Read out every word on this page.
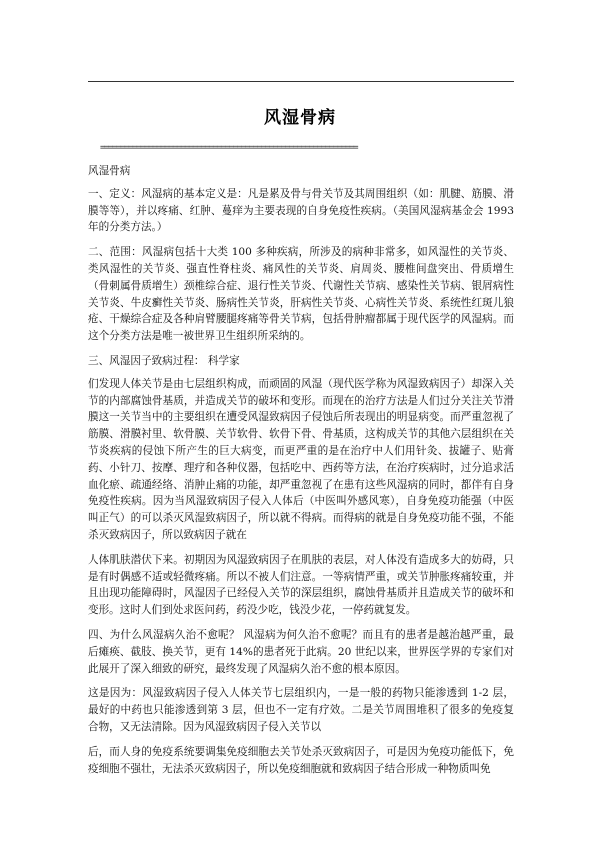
风湿骨病
================================================================

风湿骨病

一、定义：风湿病的基本定义是：凡是累及骨与骨关节及其周围组织（如：肌腱、筋膜、滑膜等等），并以疼痛、红肿、蔓痒为主要表现的自身免疫性疾病。（美国风湿病基金会 1993 年的分类方法。）

二、范围：风湿病包括十大类 100 多种疾病，所涉及的病种非常多，如风湿性的关节炎、类风湿性的关节炎、强直性脊柱炎、痛风性的关节炎、肩周炎、腰椎间盘突出、骨质增生（骨刺属骨质增生）颈椎综合症、退行性关节炎、代谢性关节病、感染性关节病、银屑病性关节炎、牛皮癣性关节炎、肠病性关节炎，肝病性关节炎、心病性关节炎、系统性红斑儿狼疮、干燥综合症及各种肩臂腰腿疼痛等骨关节病，包括骨肿瘤都属于现代医学的风湿病。而这个分类方法是唯一被世界卫生组织所采纳的。

三、风湿因子致病过程： 科学家

们发现人体关节是由七层组织构成，而顽固的风湿（现代医学称为风湿致病因子）却深入关节的内部腐蚀骨基质，并造成关节的破坏和变形。而现在的治疗方法是人们过分关注关节滑膜这一关节当中的主要组织在遭受风湿致病因子侵蚀后所表现出的明显病变。而严重忽视了筋膜、滑膜衬里、软骨膜、关节软骨、软骨下骨、骨基质，这构成关节的其他六层组织在关节炎疾病的侵蚀下所产生的巨大病变，而更严重的是在治疗中人们用针灸、拔罐子、贴膏药、小针刀、按摩、理疗和各种仪器，包括吃中、西药等方法，在治疗疾病时，过分追求活血化瘀、疏通经络、消肿止痛的功能，却严重忽视了在患有这些风湿病的同时，都伴有自身免疫性疾病。因为当风湿致病因子侵入人体后（中医叫外感风寒），自身免疫功能强（中医叫正气）的可以杀灭风湿致病因子，所以就不得病。而得病的就是自身免疫功能不强，不能杀灭致病因子，所以致病因子就在

人体肌肤潜伏下来。初期因为风湿致病因子在肌肤的表层，对人体没有造成多大的妨碍，只是有时偶感不适或轻微疼痛。所以不被人们注意。一等病情严重，或关节肿胀疼痛较重，并且出现功能障碍时，风湿因子已经侵入关节的深层组织，腐蚀骨基质并且造成关节的破坏和变形。这时人们到处求医问药，药没少吃，钱没少花，一停药就复发。

四、为什么风湿病久治不愈呢？ 风湿病为何久治不愈呢？而且有的患者是越治越严重，最后瘫痪、截肢、换关节，更有 14%的患者死于此病。20 世纪以来，世界医学界的专家们对此展开了深入细致的研究，最终发现了风湿病久治不愈的根本原因。

这是因为：风湿致病因子侵入人体关节七层组织内，一是一般的药物只能渗透到 1-2 层，最好的中药也只能渗透到第 3 层，但也不一定有疗效。二是关节周围堆积了很多的免疫复合物，又无法清除。因为风湿致病因子侵入关节以

后，而人身的免疫系统要调集免疫细胞去关节处杀灭致病因子，可是因为免疫功能低下，免疫细胞不强壮，无法杀灭致病因子，所以免疫细胞就和致病因子结合形成一种物质叫免
